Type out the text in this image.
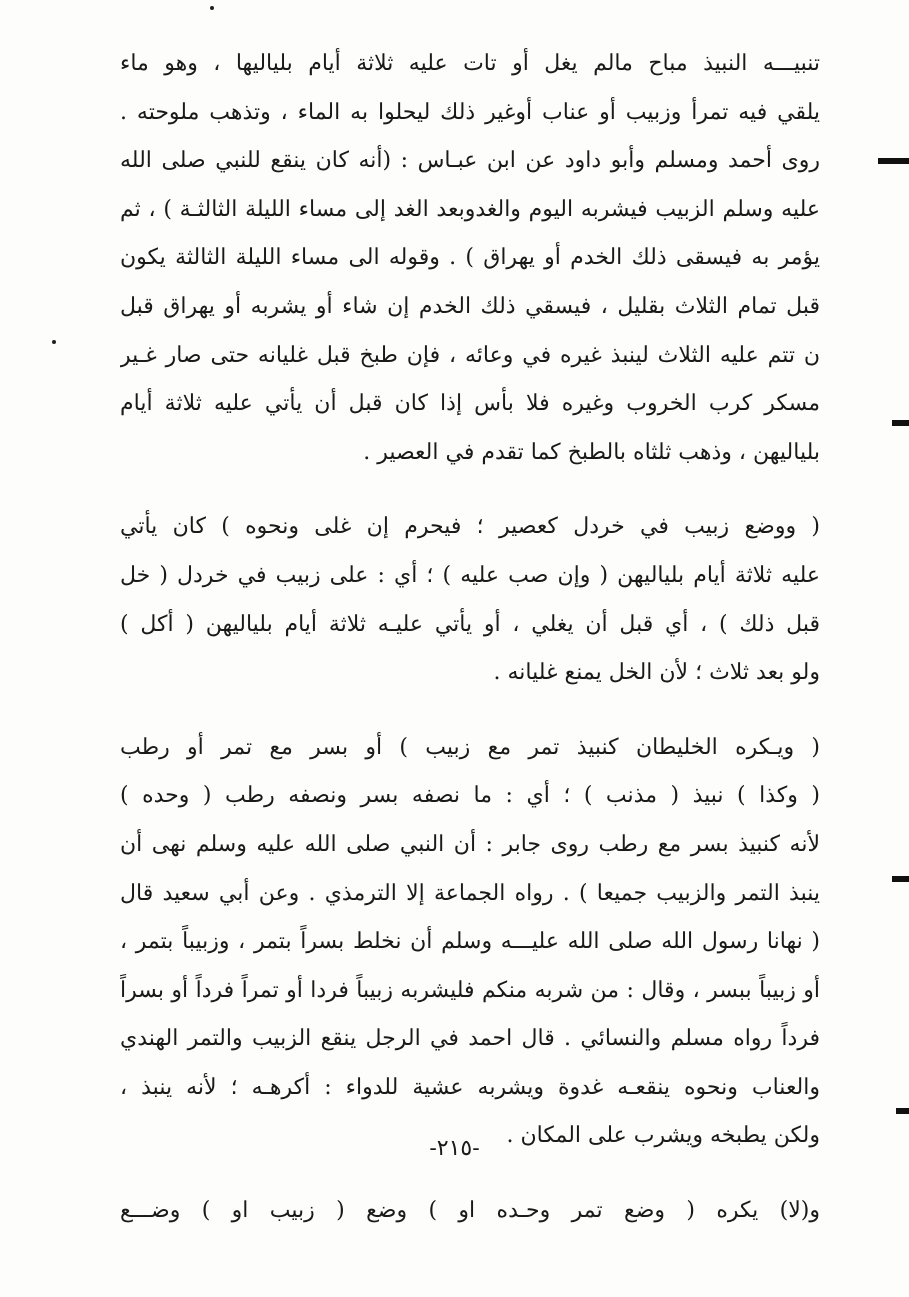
تنبيـــه النبيذ مباح مالم يغل أو تات عليه ثلاثة أيام بلياليها ، وهو ماء
يلقي فيه تمرأ وزبيب أو عناب أوغير ذلك ليحلوا به الماء ، وتذهب ملوحته .
روى أحمد ومسلم وأبو داود عن ابن عبـاس : (أنه كان ينقع للنبي صلى الله
عليه وسلم الزبيب فيشربه اليوم والغدوبعد الغد إلى مساء الليلة الثالثـة ) ، ثم
يؤمر به فيسقى ذلك الخدم أو يهراق ) . وقوله الى مساء الليلة الثالثة يكون
قبل تمام الثلاث بقليل ، فيسقي ذلك الخدم إن شاء أو يشربه أو يهراق قبل
ن تتم عليه الثلاث لينبذ غيره في وعائه ، فإن طبخ قبل غليانه حتى صار غـير
مسكر كرب الخروب وغيره فلا بأس إذا كان قبل أن يأتي عليه ثلاثة أيام
بلياليهن ، وذهب ثلثاه بالطبخ كما تقدم في العصير .
( ووضع زبيب في خردل كعصير ؛ فيحرم إن غلى ونحوه ) كان يأتي
عليه ثلاثة أيام بلياليهن ( وإن صب عليه ) ؛ أي : على زبيب في خردل ( خل
قبل ذلك ) ، أي قبل أن يغلي ، أو يأتي عليـه ثلاثة أيام بلياليهن ( أكل )
ولو بعد ثلاث ؛ لأن الخل يمنع غليانه .
( ويـكره الخليطان كنبيذ تمر مع زبيب ) أو بسر مع تمر أو رطب
( وكذا ) نبيذ ( مذنب ) ؛ أي : ما نصفه بسر ونصفه رطب ( وحده )
لأنه كنبيذ بسر مع رطب روى جابر : أن النبي صلى الله عليه وسلم نهى أن
ينبذ التمر والزبيب جميعا ) . رواه الجماعة إلا الترمذي . وعن أبي سعيد قال
( نهانا رسول الله صلى الله عليـــه وسلم أن نخلط بسراً بتمر ، وزبيباً بتمر ،
أو زبيباً ببسر ، وقال : من شربه منكم فليشربه زبيباً فردا أو تمراً فرداً أو بسراً
فرداً رواه مسلم والنسائي . قال احمد في الرجل ينقع الزبيب والتمر الهندي
والعناب ونحوه ينقعـه غدوة ويشربه عشية للدواء : أكرهـه ؛ لأنه ينبذ ،
ولكن يطبخه ويشرب على المكان .
و(لا) يكره ( وضع تمر وحـده او ) وضع ( زبيب او ) وضـــع
-٢١٥-
